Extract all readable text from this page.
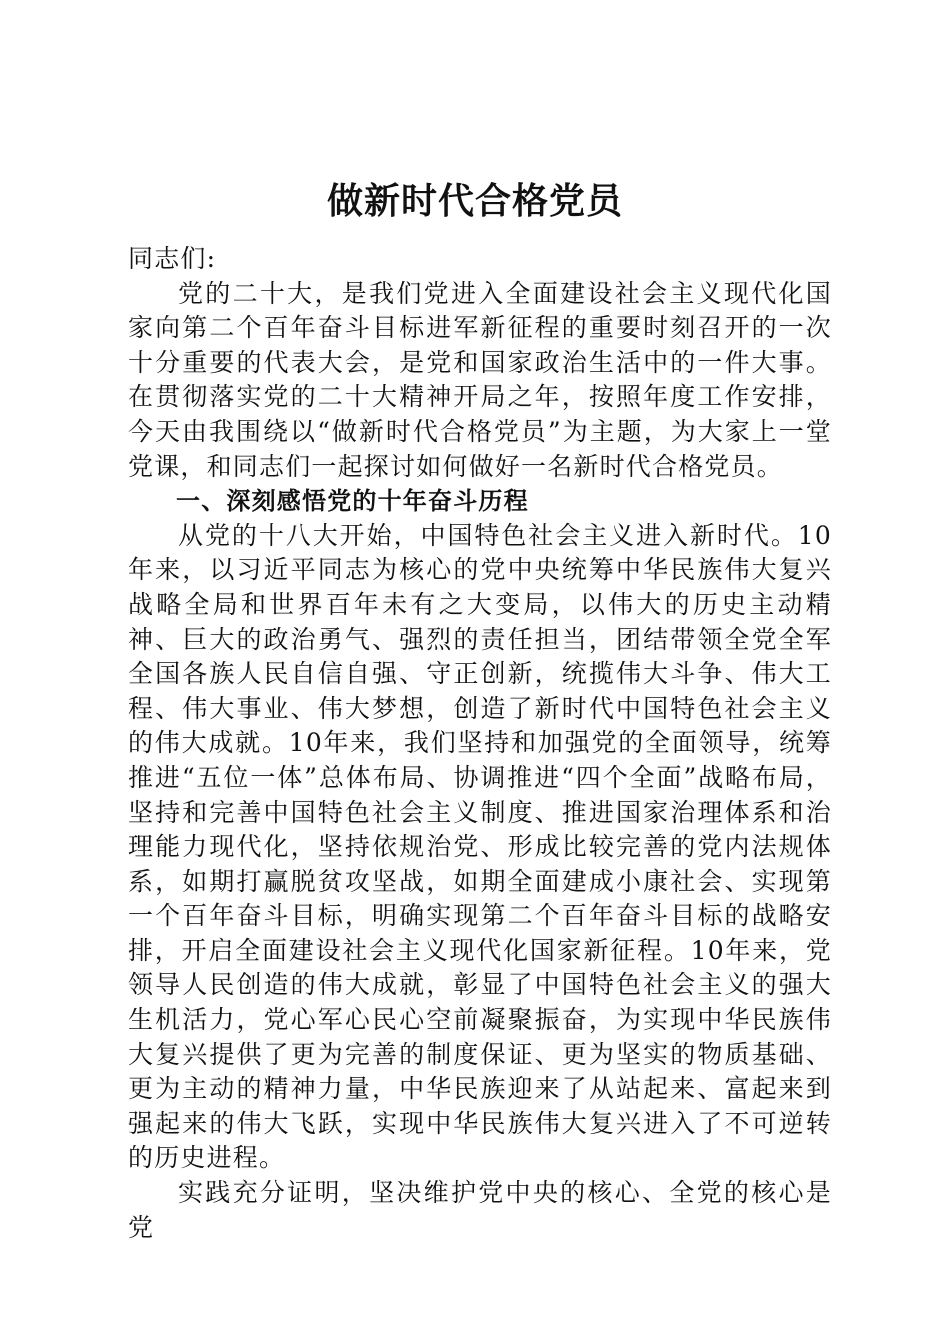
做新时代合格党员

同志们:

党的二十大，是我们党进入全面建设社会主义现代化国家向第二个百年奋斗目标进军新征程的重要时刻召开的一次十分重要的代表大会，是党和国家政治生活中的一件大事。在贯彻落实党的二十大精神开局之年，按照年度工作安排，今天由我围绕以“做新时代合格党员”为主题，为大家上一堂党课，和同志们一起探讨如何做好一名新时代合格党员。

一、深刻感悟党的十年奋斗历程

从党的十八大开始，中国特色社会主义进入新时代。10年来，以习近平同志为核心的党中央统筹中华民族伟大复兴战略全局和世界百年未有之大变局，以伟大的历史主动精神、巨大的政治勇气、强烈的责任担当，团结带领全党全军全国各族人民自信自强、守正创新，统揽伟大斗争、伟大工程、伟大事业、伟大梦想，创造了新时代中国特色社会主义的伟大成就。10年来，我们坚持和加强党的全面领导，统筹推进“五位一体”总体布局、协调推进“四个全面”战略布局，坚持和完善中国特色社会主义制度、推进国家治理体系和治理能力现代化，坚持依规治党、形成比较完善的党内法规体系，如期打赢脱贫攻坚战，如期全面建成小康社会、实现第一个百年奋斗目标，明确实现第二个百年奋斗目标的战略安排，开启全面建设社会主义现代化国家新征程。10年来，党领导人民创造的伟大成就，彰显了中国特色社会主义的强大生机活力，党心军心民心空前凝聚振奋，为实现中华民族伟大复兴提供了更为完善的制度保证、更为坚实的物质基础、更为主动的精神力量，中华民族迎来了从站起来、富起来到强起来的伟大飞跃，实现中华民族伟大复兴进入了不可逆转的历史进程。

实践充分证明，坚决维护党中央的核心、全党的核心是党
